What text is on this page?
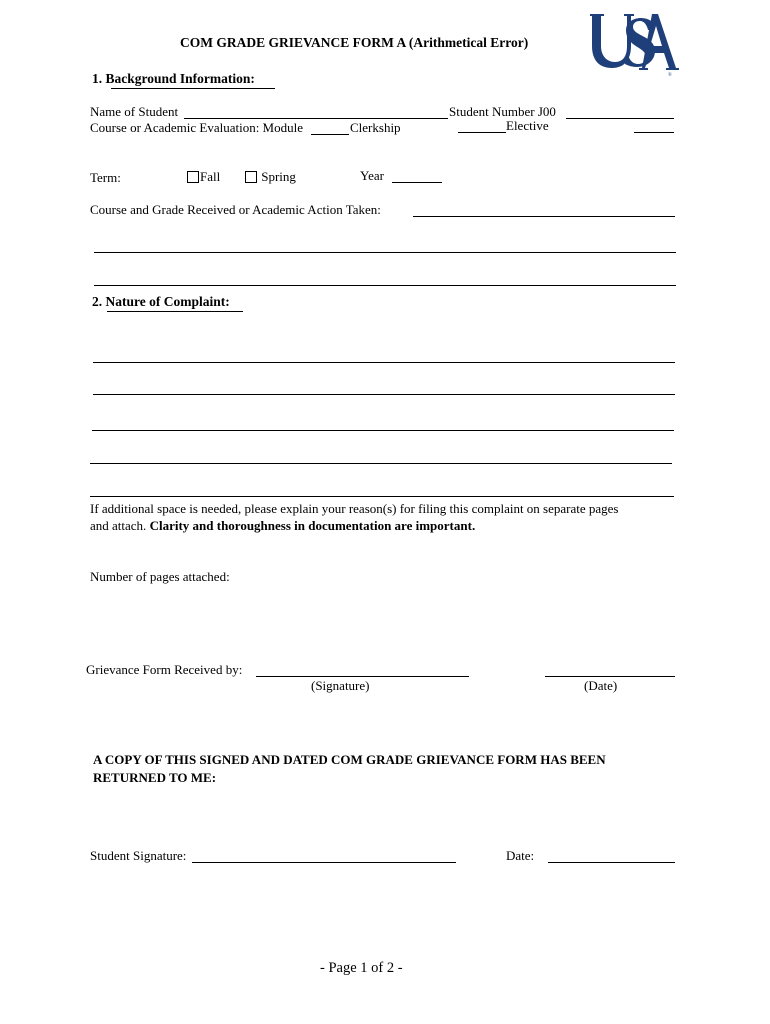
®
COM GRADE GRIEVANCE FORM A (Arithmetical Error)
1. Background Information:
Name of Student	Student Number J00
Course or Academic Evaluation: Module	Clerkship	Elective
Term:	Fall	Spring	Year
Course and Grade Received or Academic Action Taken:
2. Nature of Complaint:
If additional space is needed, please explain your reason(s) for filing this complaint on separate pages
and attach. Clarity and thoroughness in documentation are important.
Number of pages attached:
Grievance Form Received by:
(Signature)	(Date)
A COPY OF THIS SIGNED AND DATED COM GRADE GRIEVANCE FORM HAS BEEN
RETURNED TO ME:
Student Signature:	Date:
- Page 1 of 2 -
